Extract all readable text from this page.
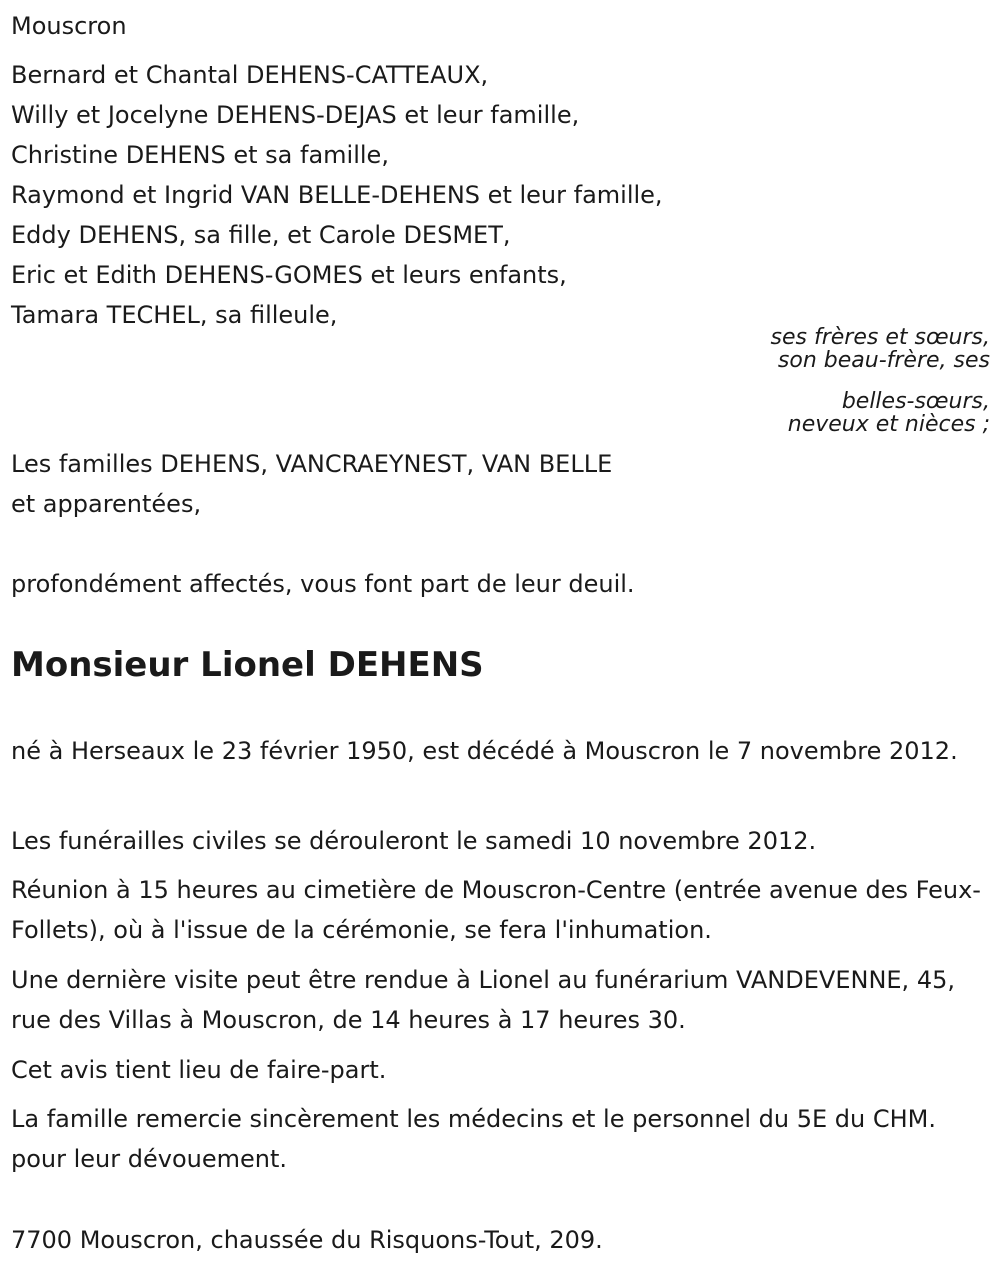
Mouscron
Bernard et Chantal DEHENS-CATTEAUX,
Willy et Jocelyne DEHENS-DEJAS et leur famille,
Christine DEHENS et sa famille,
Raymond et Ingrid VAN BELLE-DEHENS et leur famille,
Eddy DEHENS, sa fille, et Carole DESMET,
Eric et Edith DEHENS-GOMES et leurs enfants,
Tamara TECHEL, sa filleule,
ses frères et sœurs,
son beau-frère, ses
belles-sœurs,
neveux et nièces ;
Les familles DEHENS, VANCRAEYNEST, VAN BELLE
et apparentées,
profondément affectés, vous font part de leur deuil.
Monsieur Lionel DEHENS
né à Herseaux le 23 février 1950, est décédé à Mouscron le 7 novembre 2012.
Les funérailles civiles se dérouleront le samedi 10 novembre 2012.
Réunion à 15 heures au cimetière de Mouscron-Centre (entrée avenue des Feux-Follets), où à l'issue de la cérémonie, se fera l'inhumation.
Une dernière visite peut être rendue à Lionel au funérarium VANDEVENNE, 45, rue des Villas à Mouscron, de 14 heures à 17 heures 30.
Cet avis tient lieu de faire-part.
La famille remercie sincèrement les médecins et le personnel du 5E du CHM. pour leur dévouement.
7700 Mouscron, chaussée du Risquons-Tout, 209.
